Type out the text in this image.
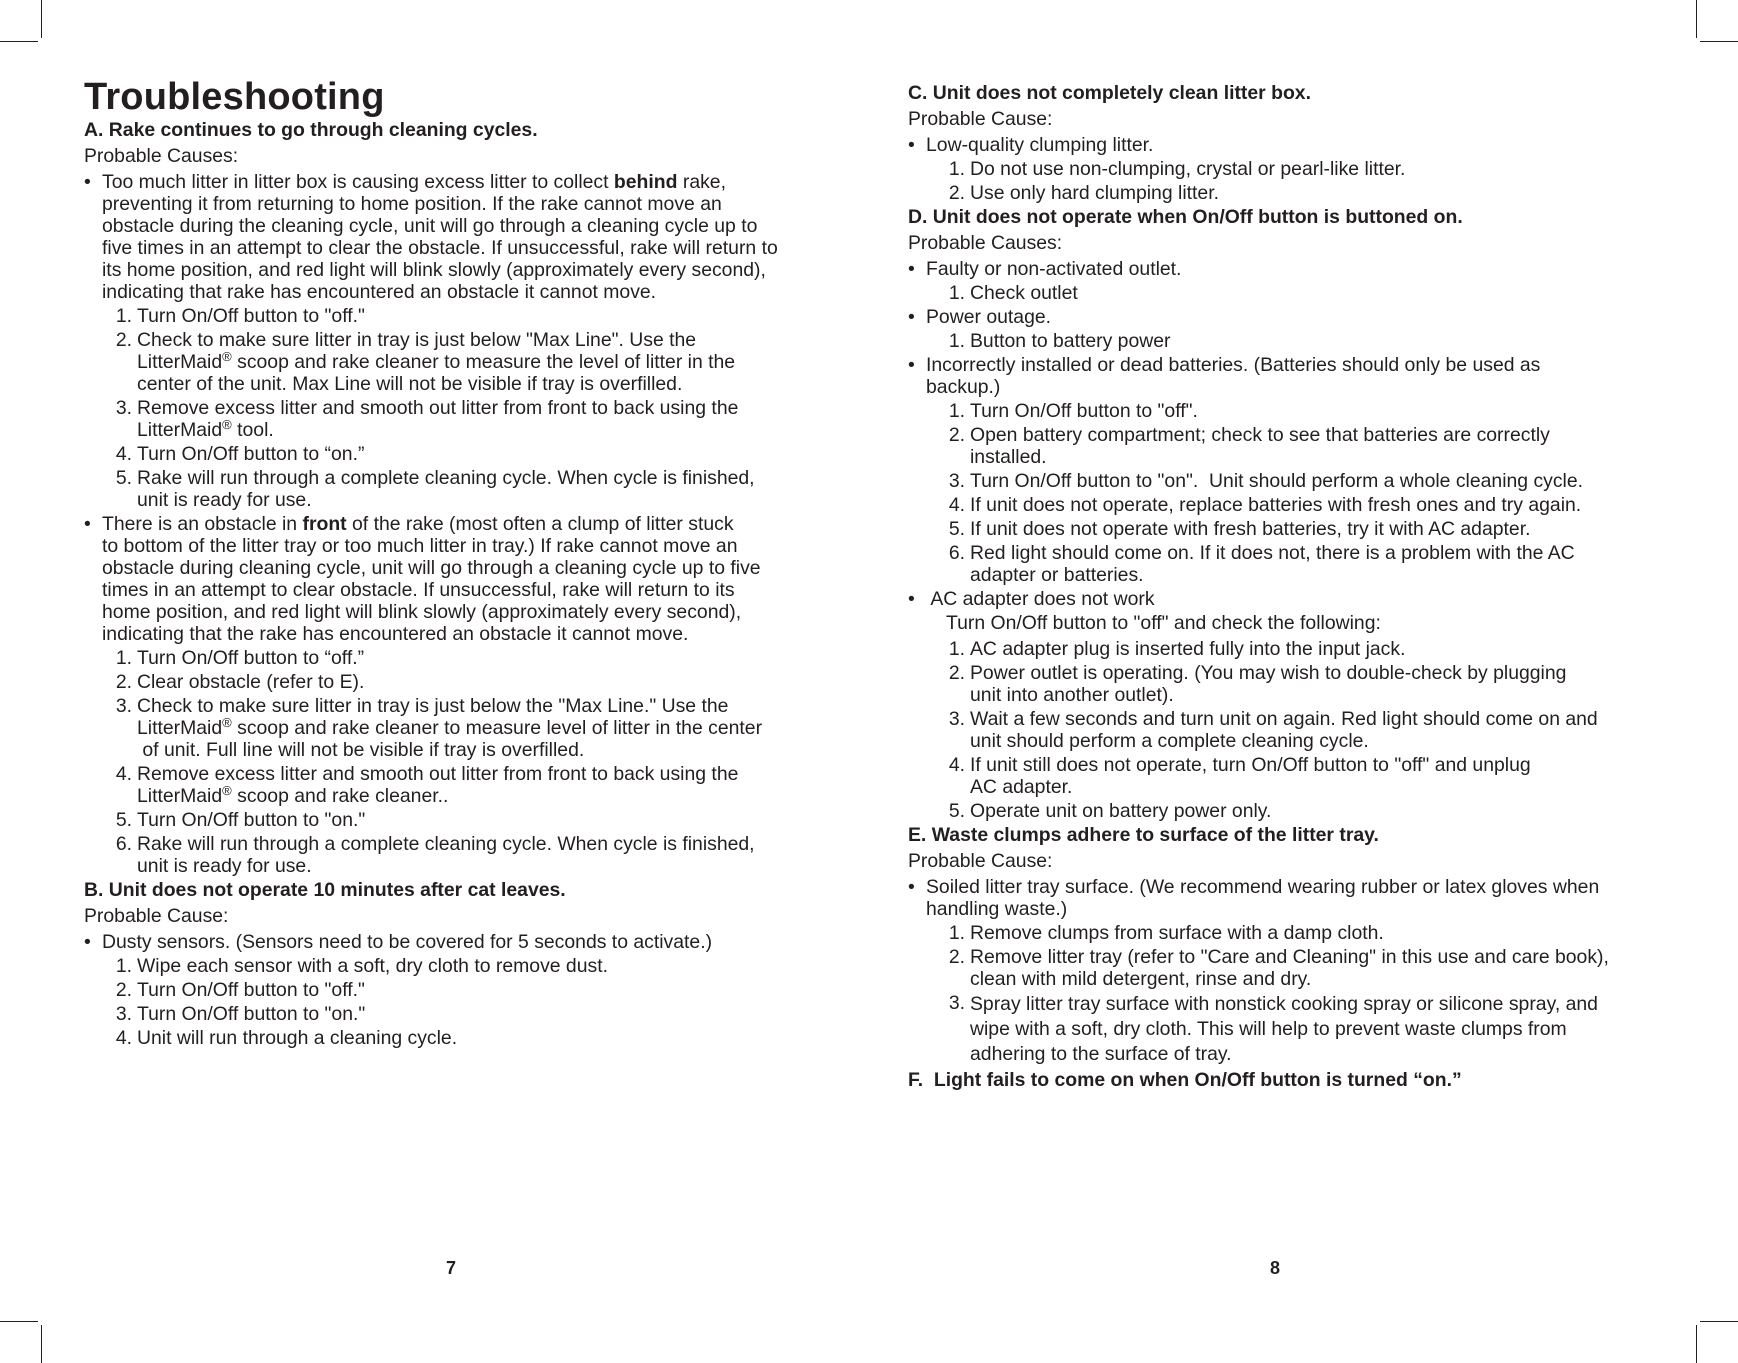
Troubleshooting

A. Rake continues to go through cleaning cycles.

Probable Causes:

• Too much litter in litter box is causing excess litter to collect behind rake,
preventing it from returning to home position. If the rake cannot move an
obstacle during the cleaning cycle, unit will go through a cleaning cycle up to
five times in an attempt to clear the obstacle. If unsuccessful, rake will return to
its home position, and red light will blink slowly (approximately every second),
indicating that rake has encountered an obstacle it cannot move.
1. Turn On/Off button to "off."
2. Check to make sure litter in tray is just below "Max Line". Use the
LitterMaid® scoop and rake cleaner to measure the level of litter in the
center of the unit. Max Line will not be visible if tray is overfilled.
3. Remove excess litter and smooth out litter from front to back using the
LitterMaid® tool.
4. Turn On/Off button to “on.”
5. Rake will run through a complete cleaning cycle. When cycle is finished,
unit is ready for use.
• There is an obstacle in front of the rake (most often a clump of litter stuck
to bottom of the litter tray or too much litter in tray.) If rake cannot move an
obstacle during cleaning cycle, unit will go through a cleaning cycle up to five
times in an attempt to clear obstacle. If unsuccessful, rake will return to its
home position, and red light will blink slowly (approximately every second),
indicating that the rake has encountered an obstacle it cannot move.
1. Turn On/Off button to “off.”
2. Clear obstacle (refer to E).
3. Check to make sure litter in tray is just below the "Max Line." Use the
LitterMaid® scoop and rake cleaner to measure level of litter in the center
of unit. Full line will not be visible if tray is overfilled.
4. Remove excess litter and smooth out litter from front to back using the
LitterMaid® scoop and rake cleaner..
5. Turn On/Off button to "on."
6. Rake will run through a complete cleaning cycle. When cycle is finished,
unit is ready for use.

B. Unit does not operate 10 minutes after cat leaves.

Probable Cause:

• Dusty sensors. (Sensors need to be covered for 5 seconds to activate.)
1. Wipe each sensor with a soft, dry cloth to remove dust.
2. Turn On/Off button to "off."
3. Turn On/Off button to "on."
4. Unit will run through a cleaning cycle.
7

C. Unit does not completely clean litter box.

Probable Cause:

• Low-quality clumping litter.
1. Do not use non-clumping, crystal or pearl-like litter.
2. Use only hard clumping litter.

D. Unit does not operate when On/Off button is buttoned on.

Probable Causes:

• Faulty or non-activated outlet.
1. Check outlet
• Power outage.
1. Button to battery power
• Incorrectly installed or dead batteries. (Batteries should only be used as
backup.)
1. Turn On/Off button to "off".
2. Open battery compartment; check to see that batteries are correctly
installed.
3. Turn On/Off button to "on".  Unit should perform a whole cleaning cycle.
4. If unit does not operate, replace batteries with fresh ones and try again.
5. If unit does not operate with fresh batteries, try it with AC adapter.
6. Red light should come on. If it does not, there is a problem with the AC
adapter or batteries.
• AC adapter does not work

Turn On/Off button to "off" and check the following:

1. AC adapter plug is inserted fully into the input jack.
2. Power outlet is operating. (You may wish to double-check by plugging
unit into another outlet).
3. Wait a few seconds and turn unit on again. Red light should come on and
unit should perform a complete cleaning cycle.
4. If unit still does not operate, turn On/Off button to "off" and unplug
AC adapter.
5. Operate unit on battery power only.

E. Waste clumps adhere to surface of the litter tray.

Probable Cause:

• Soiled litter tray surface. (We recommend wearing rubber or latex gloves when
handling waste.)
1. Remove clumps from surface with a damp cloth.
2. Remove litter tray (refer to "Care and Cleaning" in this use and care book),
clean with mild detergent, rinse and dry.
3. Spray litter tray surface with nonstick cooking spray or silicone spray, and
wipe with a soft, dry cloth. This will help to prevent waste clumps from
adhering to the surface of tray.

F.  Light fails to come on when On/Off button is turned “on.”

8
